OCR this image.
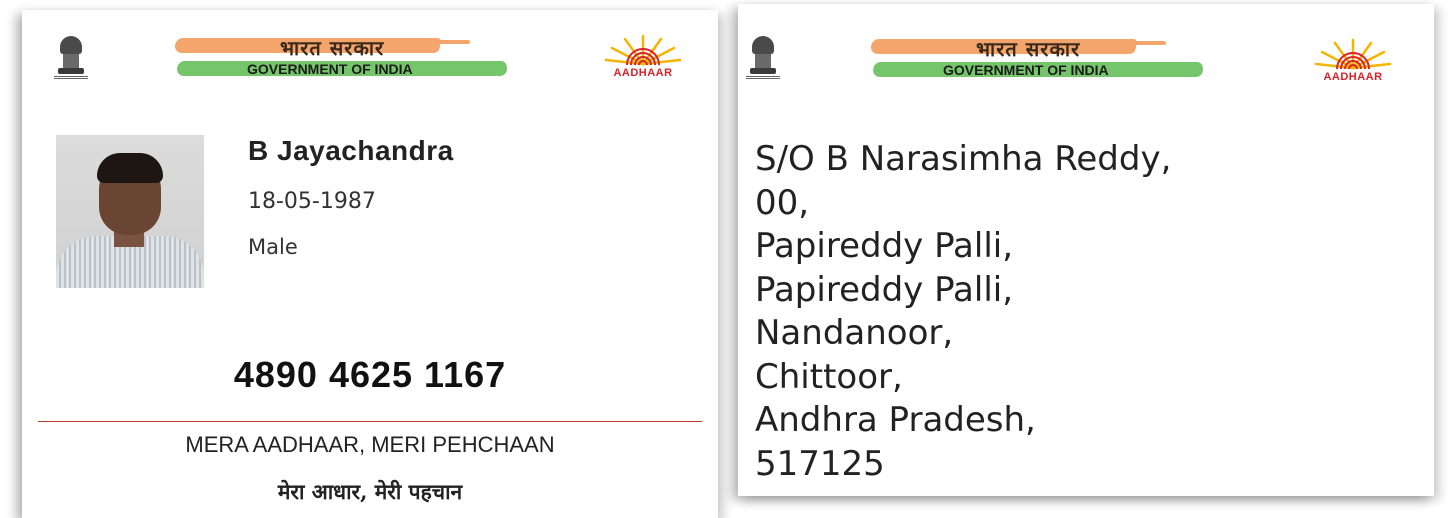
भारत सरकार
GOVERNMENT OF INDIA	AADHAAR
B Jayachandra
18-05-1987
Male
4890 4625 1167
MERA AADHAAR, MERI PEHCHAAN
मेरा आधार, मेरी पहचान
भारत सरकार
GOVERNMENT OF INDIA	AADHAAR
S/O B Narasimha Reddy,
00,
Papireddy Palli,
Papireddy Palli,
Nandanoor,
Chittoor,
Andhra Pradesh,
517125
